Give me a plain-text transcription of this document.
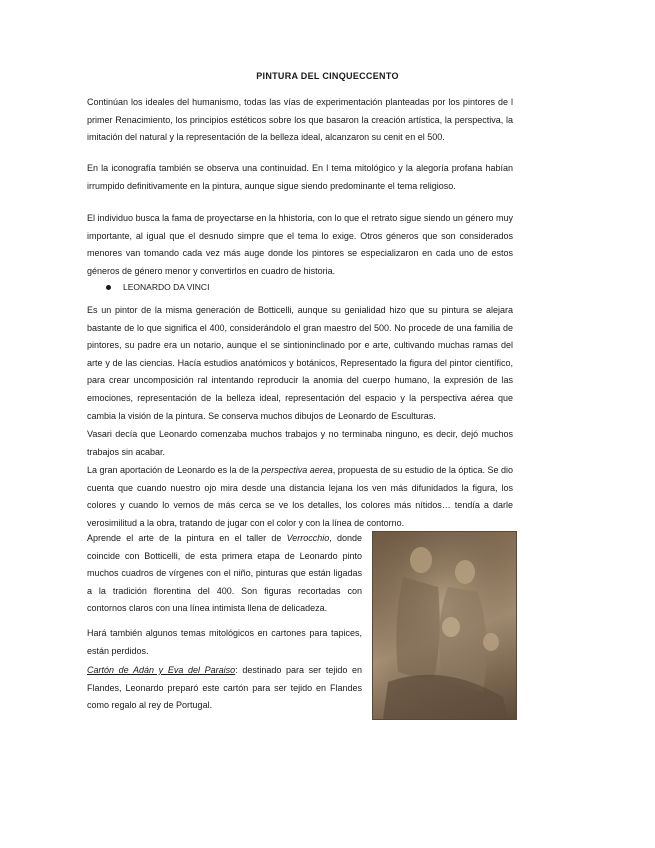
PINTURA DEL CINQUECCENTO

Continúan los ideales del humanismo, todas las vías de experimentación planteadas por los pintores de l primer Renacimiento, los principios estéticos sobre los que basaron la creación artística, la perspectiva, la imitación del natural y la representación de la belleza ideal, alcanzaron su cenit en el 500.

En la iconografía también se observa una continuidad. En l tema mitológico y la alegoría profana habían irrumpido definitivamente en la pintura, aunque sigue siendo predominante el tema religioso.

El individuo busca la fama de proyectarse en la hhistoria, con lo que el retrato sigue siendo un género muy importante, al igual que el desnudo simpre que el tema lo exige. Otros géneros que son considerados menores van tomando cada vez más auge donde los pintores se especializaron en cada uno de estos géneros de género menor y convertirlos en cuadro de historia.

LEONARDO DA VINCI

Es un pintor de la misma generación de Botticelli, aunque su genialidad hizo que su pintura se alejara bastante de lo que significa el 400, considerándolo el gran maestro del 500. No procede de una familia de pintores, su padre era un notario, aunque el se sintioninclinado por e arte, cultivando muchas ramas del arte y de las ciencias. Hacía estudios anatómicos y botánicos, Representado la figura del pintor científico, para crear uncomposición ral intentando reproducir la anomia del cuerpo humano, la expresión de las emociones, representación de la belleza ideal, representación del espacio y la perspectiva aérea que cambia la visión de la pintura. Se conserva muchos dibujos de Leonardo de Esculturas.

Vasari decía que Leonardo comenzaba muchos trabajos y no terminaba ninguno, es decir, dejó muchos trabajos sin acabar.

La gran aportación de Leonardo es la de la perspectiva aerea, propuesta de su estudio de la óptica. Se dio cuenta que cuando nuestro ojo mira desde una distancia lejana los ven más difunidados la figura, los colores y cuando lo vemos de más cerca se ve los detalles, los colores más nítidos… tendía a darle verosimilitud a la obra, tratando de jugar con el color y con la línea de contorno.

Aprende el arte de la pintura en el taller de Verrocchio, donde coincide con Botticelli, de esta primera etapa de Leonardo pinto muchos cuadros de vírgenes con el niño, pinturas que están ligadas a la tradición florentina del 400. Son figuras recortadas con contornos claros con una línea intimista llena de delicadeza.

Hará también algunos temas mitológicos en cartones para tapices, están perdidos.

Cartón de Adán y Eva del Paraiso: destinado para ser tejido en Flandes, Leonardo preparó este cartón para ser tejido en Flandes como regalo al rey de Portugal.
